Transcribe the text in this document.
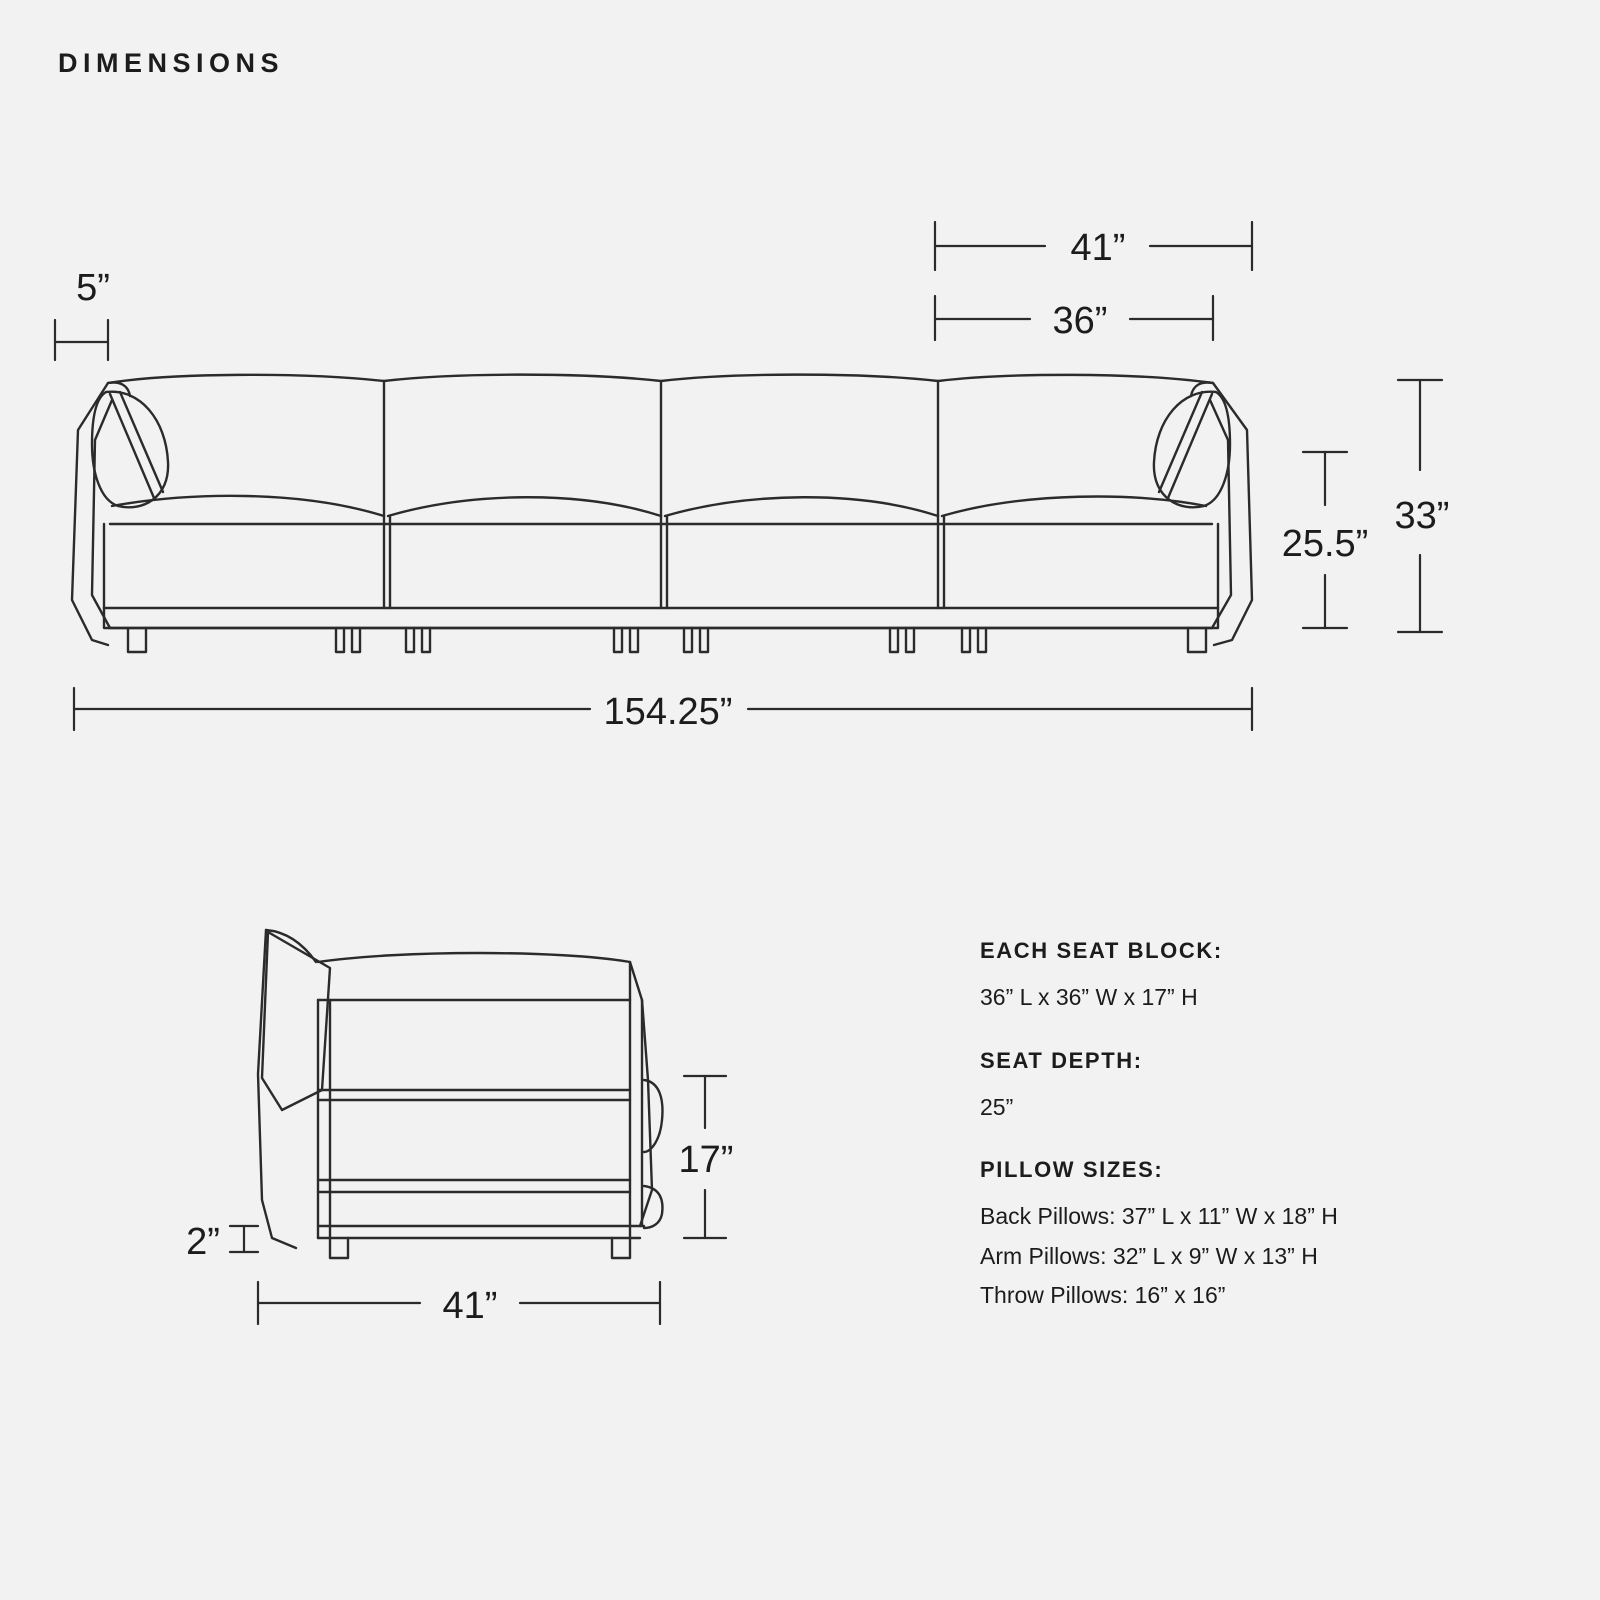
DIMENSIONS
41”
36”
5”
25.5”
33”
154.25”
17”
2”
41”
EACH SEAT BLOCK:
36” L x 36” W x 17” H
SEAT DEPTH:
25”
PILLOW SIZES:
Back Pillows: 37” L x 11” W x 18” H
Arm Pillows: 32” L x 9” W x 13” H
Throw Pillows: 16” x 16”
